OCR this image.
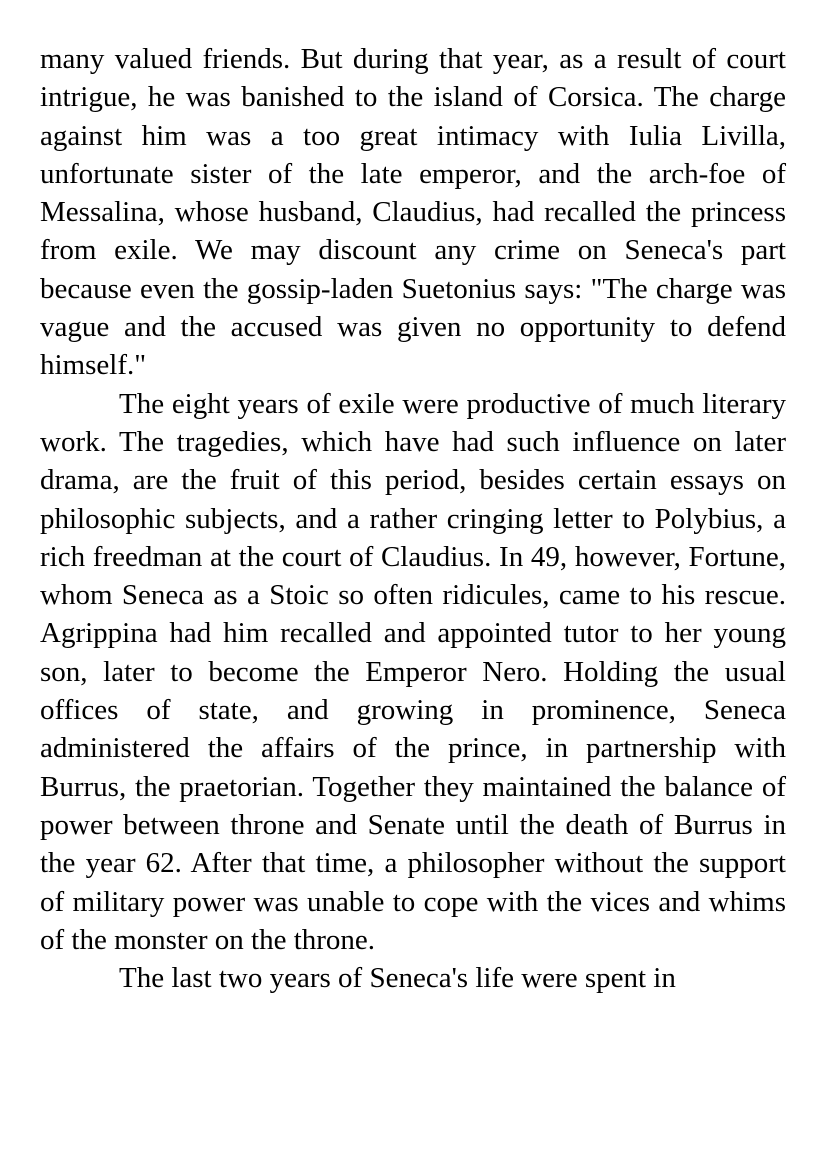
many valued friends. But during that year, as a result of court intrigue, he was banished to the island of Corsica. The charge against him was a too great intimacy with Iulia Livilla, unfortunate sister of the late emperor, and the arch-foe of Messalina, whose husband, Claudius, had recalled the princess from exile. We may discount any crime on Seneca's part because even the gossip-laden Suetonius says: "The charge was vague and the accused was given no opportunity to defend himself."

The eight years of exile were productive of much literary work. The tragedies, which have had such influence on later drama, are the fruit of this period, besides certain essays on philosophic subjects, and a rather cringing letter to Polybius, a rich freedman at the court of Claudius. In 49, however, Fortune, whom Seneca as a Stoic so often ridicules, came to his rescue. Agrippina had him recalled and appointed tutor to her young son, later to become the Emperor Nero. Holding the usual offices of state, and growing in prominence, Seneca administered the affairs of the prince, in partnership with Burrus, the praetorian. Together they maintained the balance of power between throne and Senate until the death of Burrus in the year 62. After that time, a philosopher without the support of military power was unable to cope with the vices and whims of the monster on the throne.

The last two years of Seneca's life were spent in
